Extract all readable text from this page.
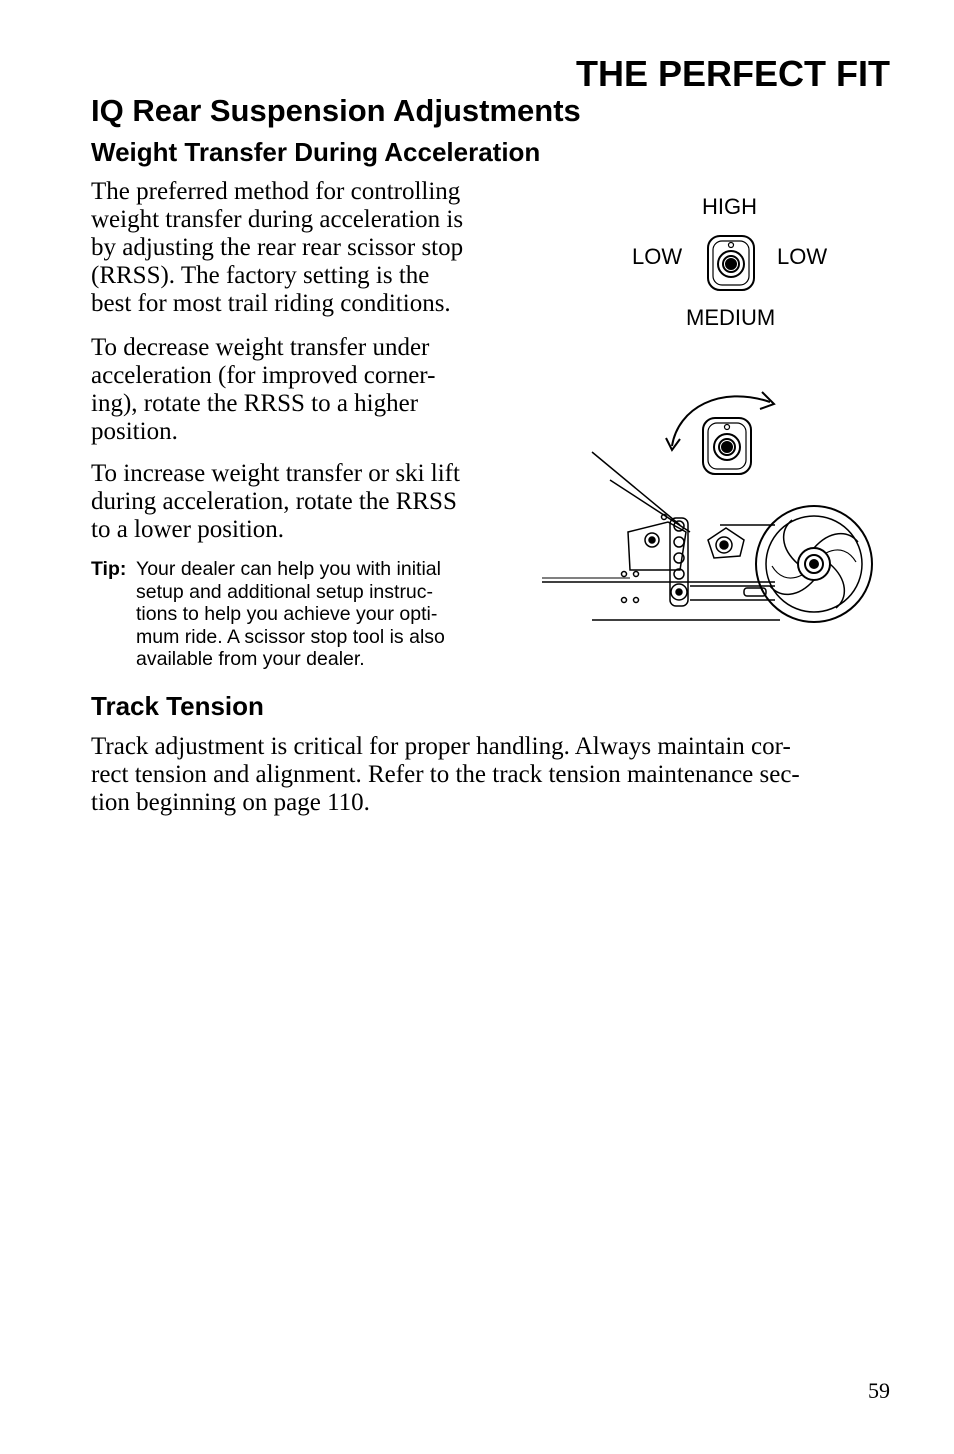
THE PERFECT FIT
IQ Rear Suspension Adjustments
Weight Transfer During Acceleration

The preferred method for controlling
weight transfer during acceleration is
by adjusting the rear rear scissor stop
(RRSS). The factory setting is the
best for most trail riding conditions.

To decrease weight transfer under
acceleration (for improved corner-
ing), rotate the RRSS to a higher
position.

To increase weight transfer or ski lift
during acceleration, rotate the RRSS
to a lower position.

Tip: Your dealer can help you with initial
setup and additional setup instruc-
tions to help you achieve your opti-
mum ride. A scissor stop tool is also
available from your dealer.
HIGH
LOW	LOW
MEDIUM
Track Tension

Track adjustment is critical for proper handling. Always maintain cor-
rect tension and alignment. Refer to the track tension maintenance sec-
tion beginning on page 110.

59
